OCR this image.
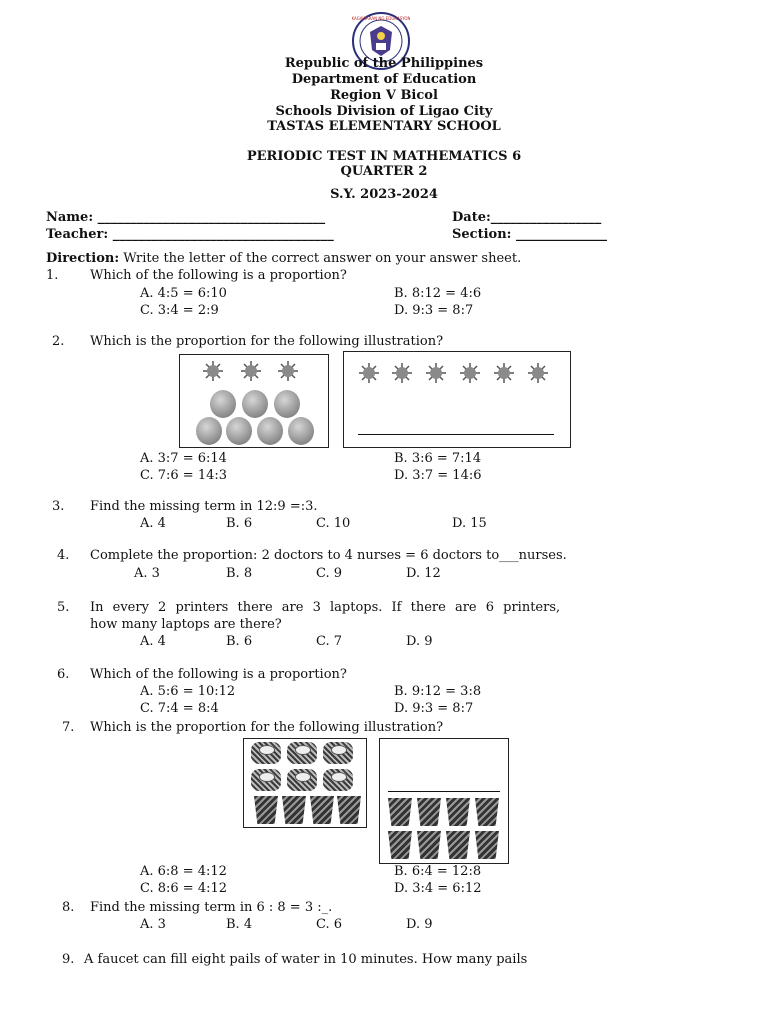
KAGAWARAN NG EDUKASYON
Republic of the Philippines
Department of Education
Region V Bicol
Schools Division of Ligao City
TASTAS ELEMENTARY SCHOOL
PERIODIC TEST IN MATHEMATICS 6
QUARTER 2
S.Y. 2023-2024
Name: ___________________________________	Date:_________________
Teacher: __________________________________	Section: ______________
Direction: Write the letter of the correct answer on your answer sheet.
1. Which of the following is a proportion?
A. 4:5 = 6:10	B. 8:12 = 4:6
C. 3:4 = 2:9	D. 9:3 = 8:7
2. Which is the proportion for the following illustration?
A. 3:7 = 6:14	B. 3:6 = 7:14
C. 7:6 = 14:3	D. 3:7 = 14:6
3. Find the missing term in 12:9 =:3.
A. 4	B. 6	C. 10	D. 15
4. Complete the proportion: 2 doctors to 4 nurses = 6 doctors to___nurses.
A. 3	B. 8	C. 9	D. 12
5. In every 2 printers there are 3 laptops. If there are 6 printers,
how many laptops are there?
A. 4	B. 6	C. 7	D. 9
6. Which of the following is a proportion?
A. 5:6 = 10:12	B. 9:12 = 3:8
C. 7:4 = 8:4	D. 9:3 = 8:7
7. Which is the proportion for the following illustration?
A. 6:8 = 4:12	B. 6:4 = 12:8
C. 8:6 = 4:12	D. 3:4 = 6:12
8. Find the missing term in 6 : 8 = 3 :_.
A. 3	B. 4	C. 6	D. 9
9. A faucet can fill eight pails of water in 10 minutes. How many pails
